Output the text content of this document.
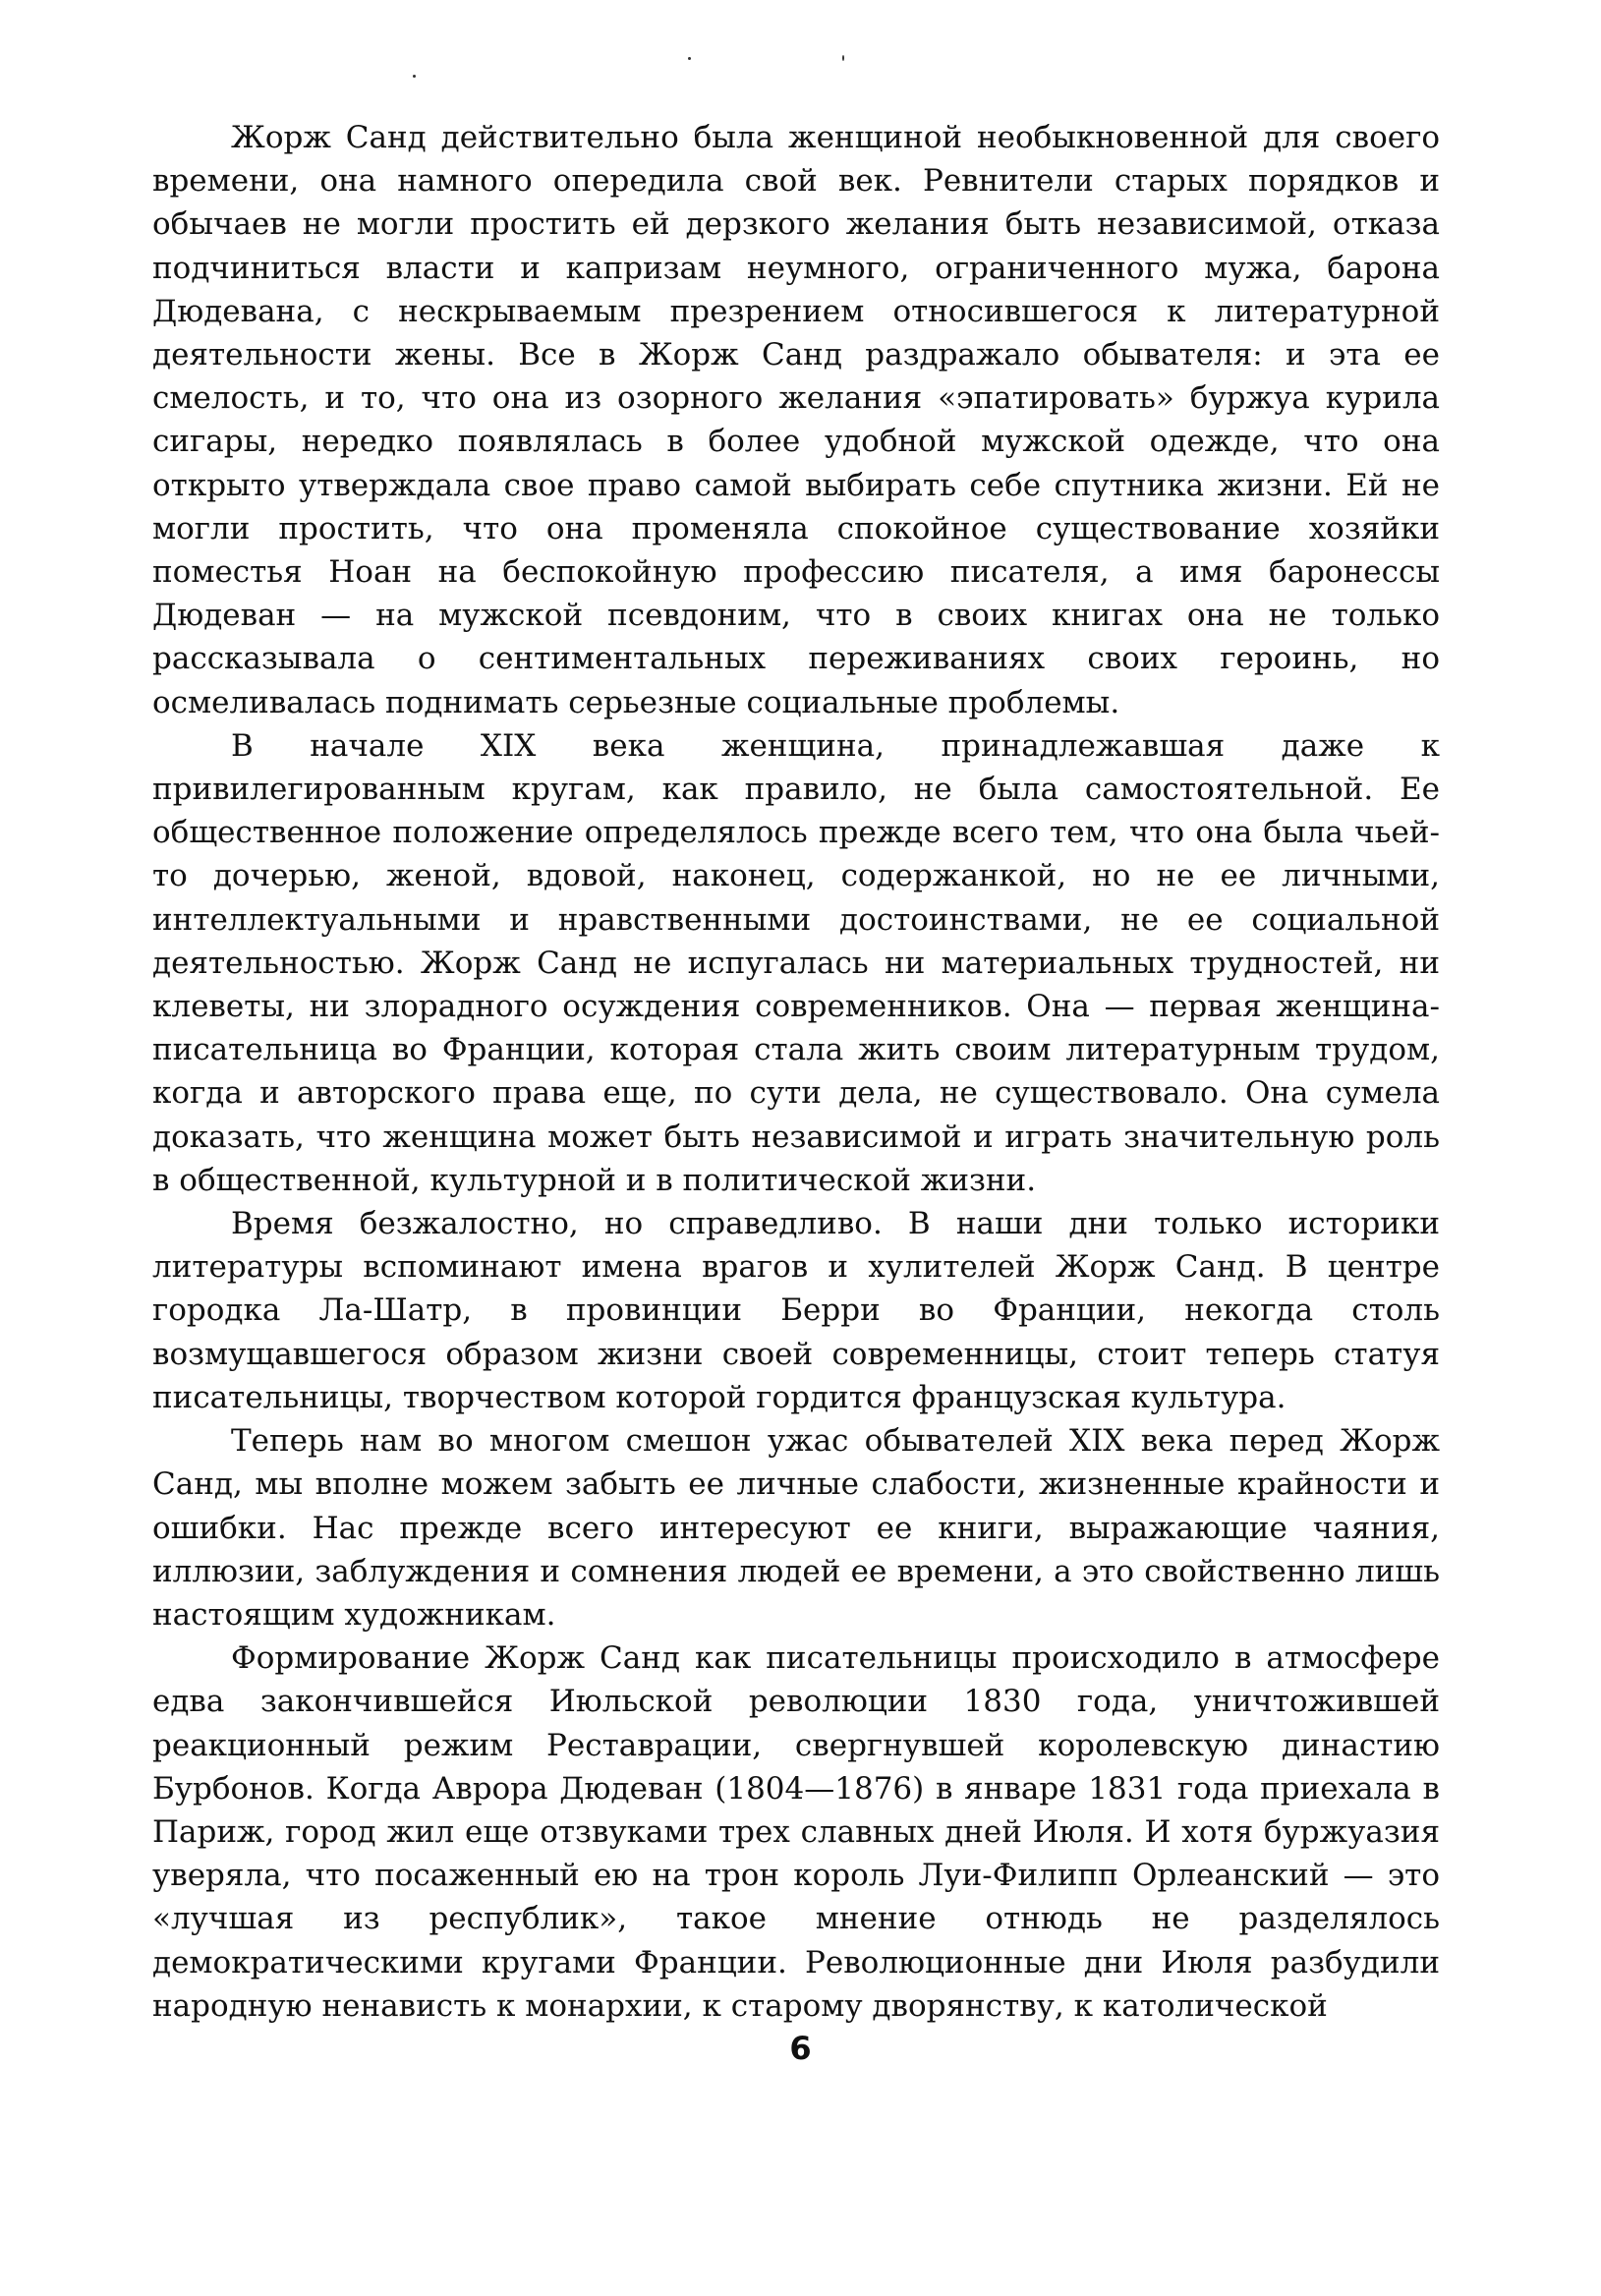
Жорж Санд действительно была женщиной необыкновенной для своего времени, она намного опередила свой век. Ревнители старых порядков и обычаев не могли простить ей дерзкого желания быть независимой, отказа подчиниться власти и капризам неумного, ограниченного мужа, барона Дюдевана, с нескрываемым презрением относившегося к литературной деятельности жены. Все в Жорж Санд раздражало обывателя: и эта ее смелость, и то, что она из озорного желания «эпатировать» буржуа курила сигары, нередко появлялась в более удобной мужской одежде, что она открыто утверждала свое право самой выбирать себе спутника жизни. Ей не могли простить, что она променяла спокойное существование хозяйки поместья Ноан на беспокойную профессию писателя, а имя баронессы Дюдеван — на мужской псевдоним, что в своих книгах она не только рассказывала о сентиментальных переживаниях своих героинь, но осмеливалась поднимать серьезные социальные проблемы.

В начале XIX века женщина, принадлежавшая даже к привилегированным кругам, как правило, не была самостоятельной. Ее общественное положение определялось прежде всего тем, что она была чьей-то дочерью, женой, вдовой, наконец, содержанкой, но не ее личными, интеллектуальными и нравственными достоинствами, не ее социальной деятельностью. Жорж Санд не испугалась ни материальных трудностей, ни клеветы, ни злорадного осуждения современников. Она — первая женщина-писательница во Франции, которая стала жить своим литературным трудом, когда и авторского права еще, по сути дела, не существовало. Она сумела доказать, что женщина может быть независимой и играть значительную роль в общественной, культурной и в политической жизни.

Время безжалостно, но справедливо. В наши дни только историки литературы вспоминают имена врагов и хулителей Жорж Санд. В центре городка Ла-Шатр, в провинции Берри во Франции, некогда столь возмущавшегося образом жизни своей современницы, стоит теперь статуя писательницы, творчеством которой гордится французская культура.

Теперь нам во многом смешон ужас обывателей XIX века перед Жорж Санд, мы вполне можем забыть ее личные слабости, жизненные крайности и ошибки. Нас прежде всего интересуют ее книги, выражающие чаяния, иллюзии, заблуждения и сомнения людей ее времени, а это свойственно лишь настоящим художникам.

Формирование Жорж Санд как писательницы происходило в атмосфере едва закончившейся Июльской революции 1830 года, уничтожившей реакционный режим Реставрации, свергнувшей королевскую династию Бурбонов. Когда Аврора Дюдеван (1804—1876) в январе 1831 года приехала в Париж, город жил еще отзвуками трех славных дней Июля. И хотя буржуазия уверяла, что посаженный ею на трон король Луи-Филипп Орлеанский — это «лучшая из республик», такое мнение отнюдь не разделялось демократическими кругами Франции. Революционные дни Июля разбудили народную ненависть к монархии, к старому дворянству, к католической

6
